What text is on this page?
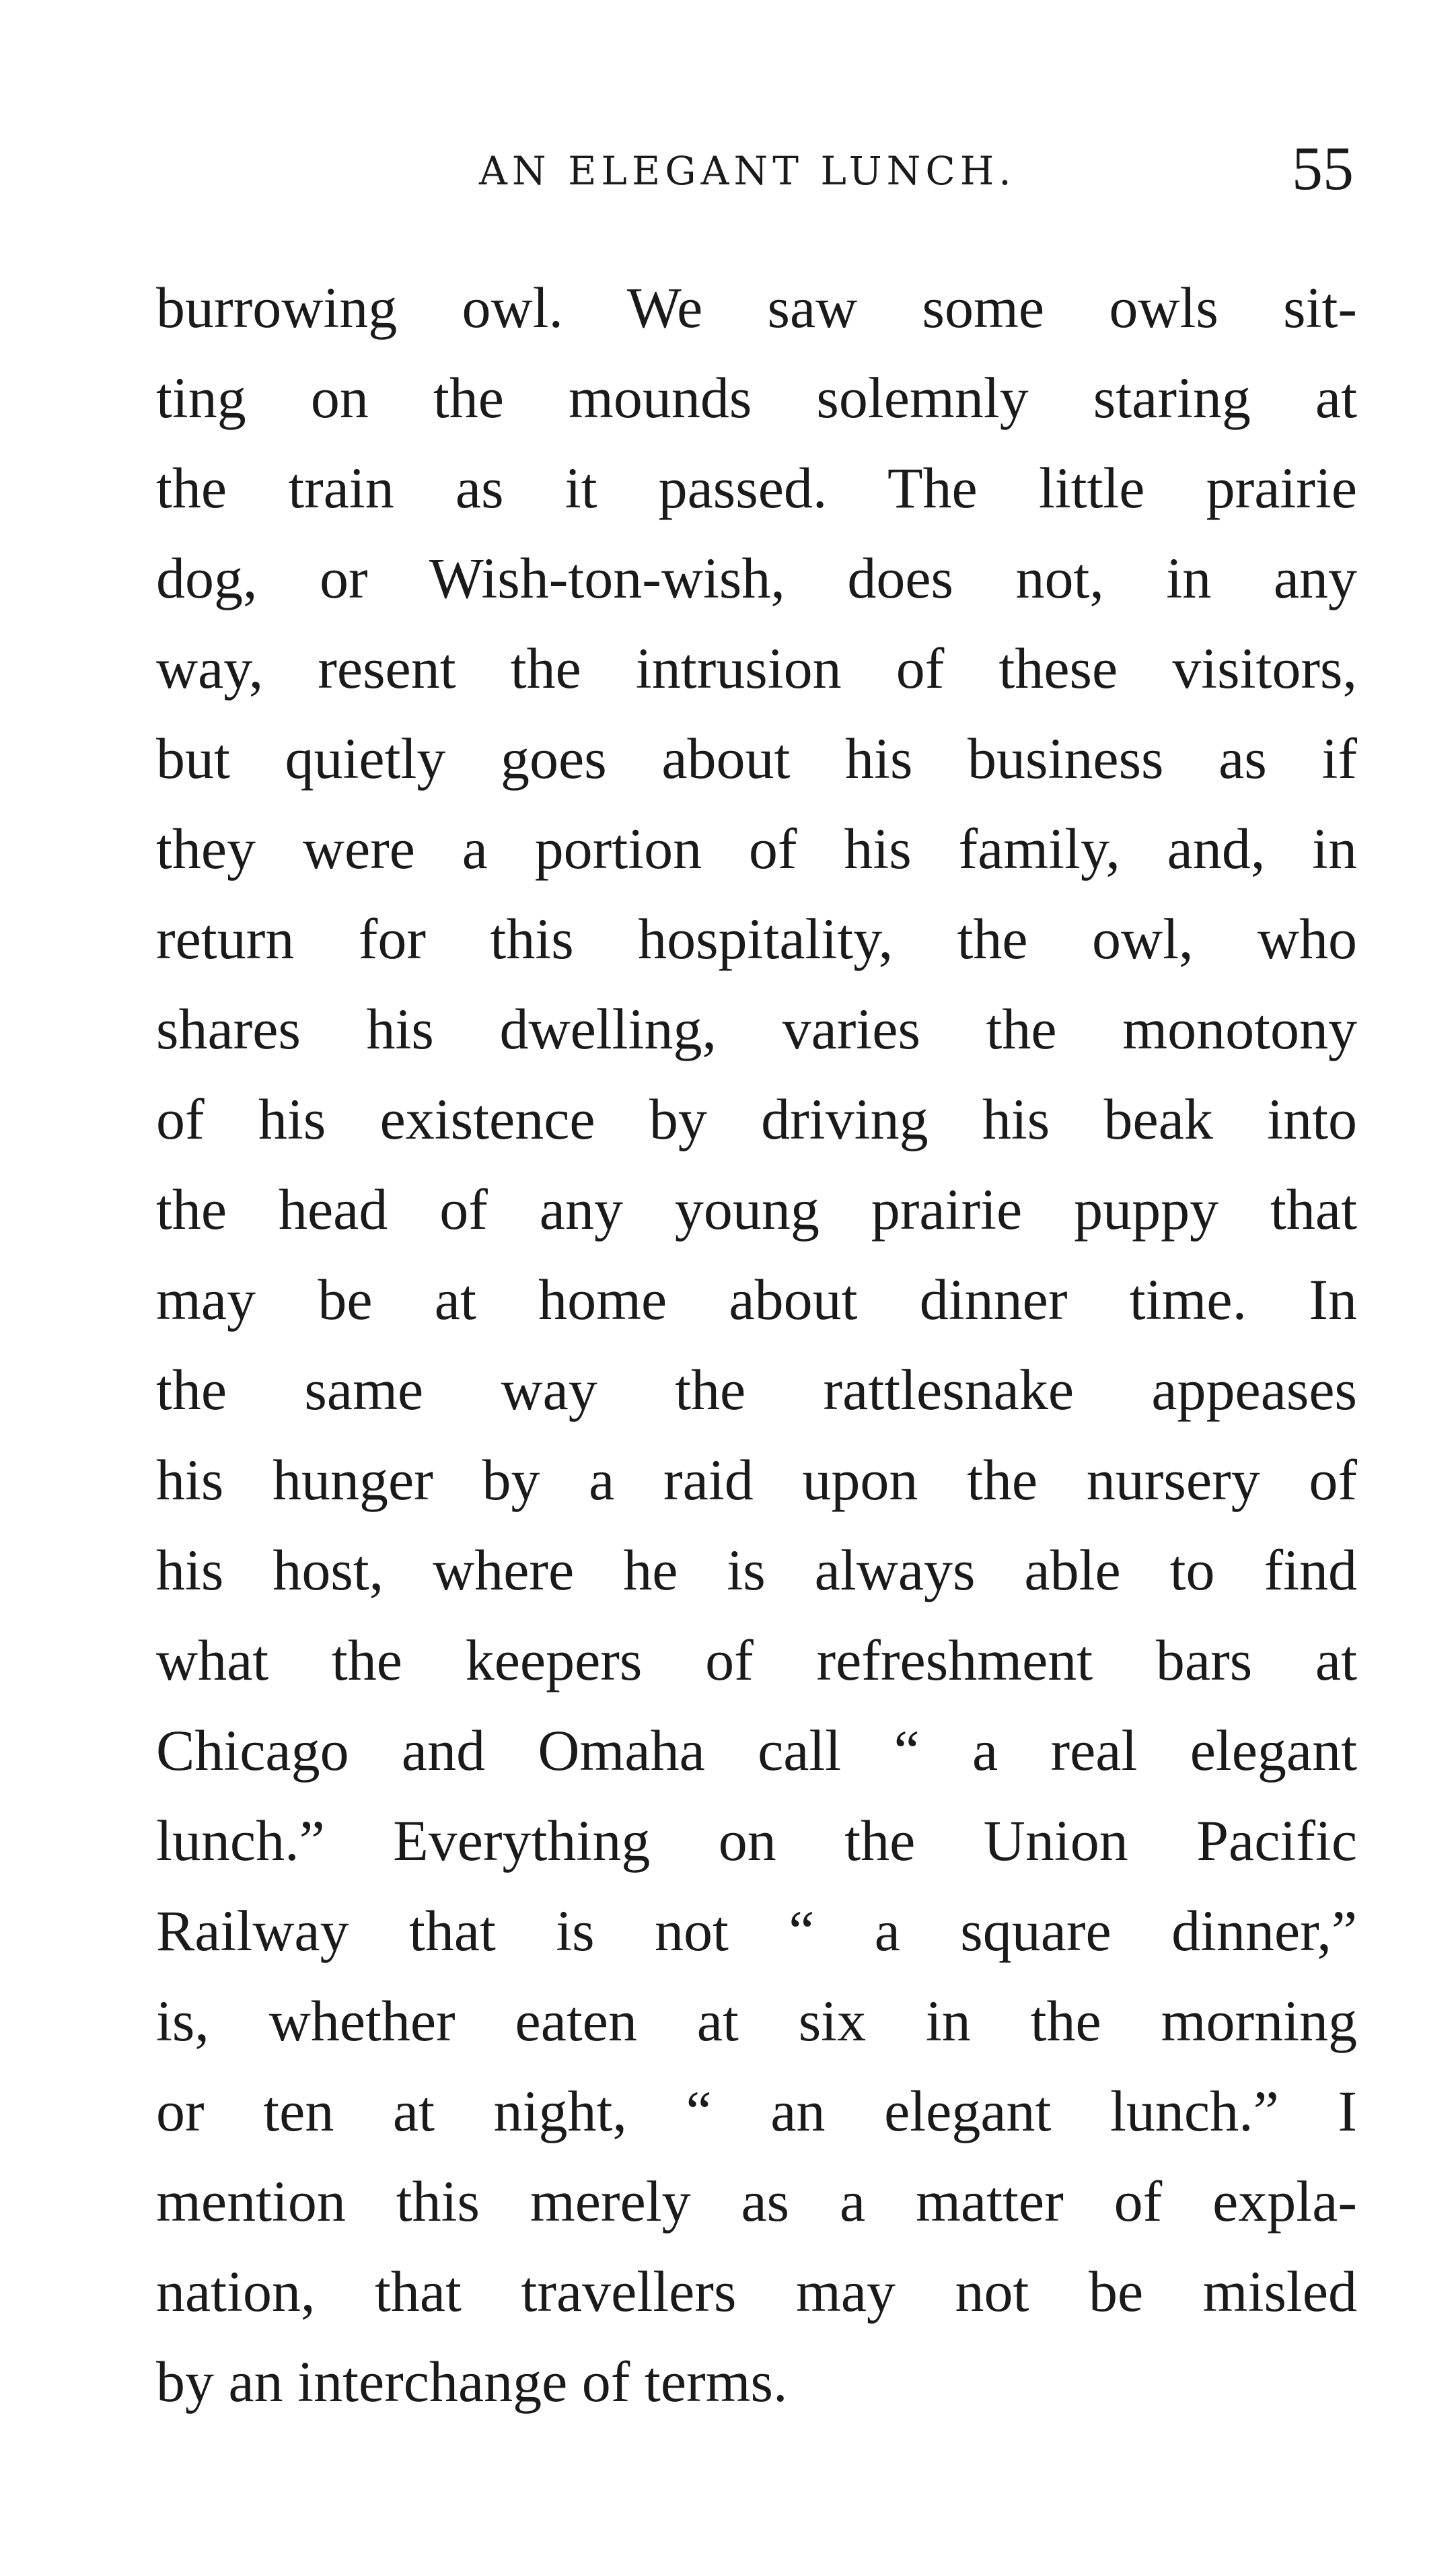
AN ELEGANT LUNCH.	55
burrowing owl. We saw some owls sit-
ting on the mounds solemnly staring at
the train as it passed. The little prairie
dog, or Wish-ton-wish, does not, in any
way, resent the intrusion of these visitors,
but quietly goes about his business as if
they were a portion of his family, and, in
return for this hospitality, the owl, who
shares his dwelling, varies the monotony
of his existence by driving his beak into
the head of any young prairie puppy that
may be at home about dinner time. In
the same way the rattlesnake appeases
his hunger by a raid upon the nursery of
his host, where he is always able to find
what the keepers of refreshment bars at
Chicago and Omaha call “ a real elegant
lunch.” Everything on the Union Pacific
Railway that is not “ a square dinner,”
is, whether eaten at six in the morning
or ten at night, “ an elegant lunch.” I
mention this merely as a matter of expla-
nation, that travellers may not be misled
by an interchange of terms.
